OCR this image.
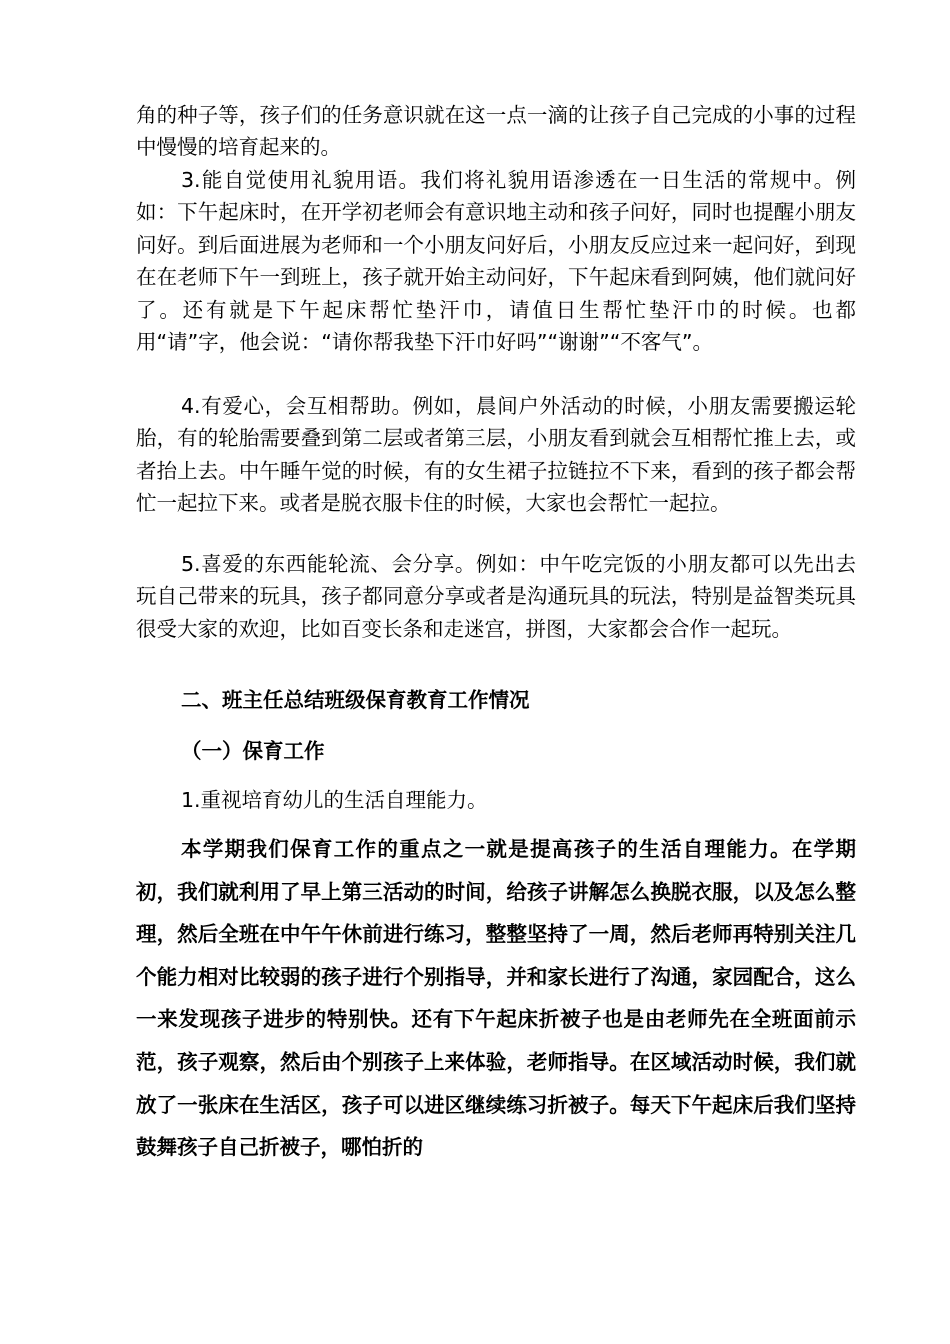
角的种子等，孩子们的任务意识就在这一点一滴的让孩子自己完成的小事的过程中慢慢的培育起来的。

3.能自觉使用礼貌用语。我们将礼貌用语渗透在一日生活的常规中。例如：下午起床时，在开学初老师会有意识地主动和孩子问好，同时也提醒小朋友问好。到后面进展为老师和一个小朋友问好后，小朋友反应过来一起问好，到现在在老师下午一到班上，孩子就开始主动问好，下午起床看到阿姨，他们就问好了。还有就是下午起床帮忙垫汗巾，请值日生帮忙垫汗巾的时候。也都用“请”字，他会说：“请你帮我垫下汗巾好吗”“谢谢”“不客气”。

4.有爱心，会互相帮助。例如，晨间户外活动的时候，小朋友需要搬运轮胎，有的轮胎需要叠到第二层或者第三层，小朋友看到就会互相帮忙推上去，或者抬上去。中午睡午觉的时候，有的女生裙子拉链拉不下来，看到的孩子都会帮忙一起拉下来。或者是脱衣服卡住的时候，大家也会帮忙一起拉。

5.喜爱的东西能轮流、会分享。例如：中午吃完饭的小朋友都可以先出去玩自己带来的玩具，孩子都同意分享或者是沟通玩具的玩法，特别是益智类玩具很受大家的欢迎，比如百变长条和走迷宫，拼图，大家都会合作一起玩。

二、班主任总结班级保育教育工作情况

（一）保育工作

1.重视培育幼儿的生活自理能力。

本学期我们保育工作的重点之一就是提高孩子的生活自理能力。在学期初，我们就利用了早上第三活动的时间，给孩子讲解怎么换脱衣服，以及怎么整理，然后全班在中午午休前进行练习，整整坚持了一周，然后老师再特别关注几个能力相对比较弱的孩子进行个别指导，并和家长进行了沟通，家园配合，这么一来发现孩子进步的特别快。还有下午起床折被子也是由老师先在全班面前示范，孩子观察，然后由个别孩子上来体验，老师指导。在区域活动时候，我们就放了一张床在生活区，孩子可以进区继续练习折被子。每天下午起床后我们坚持鼓舞孩子自己折被子，哪怕折的
